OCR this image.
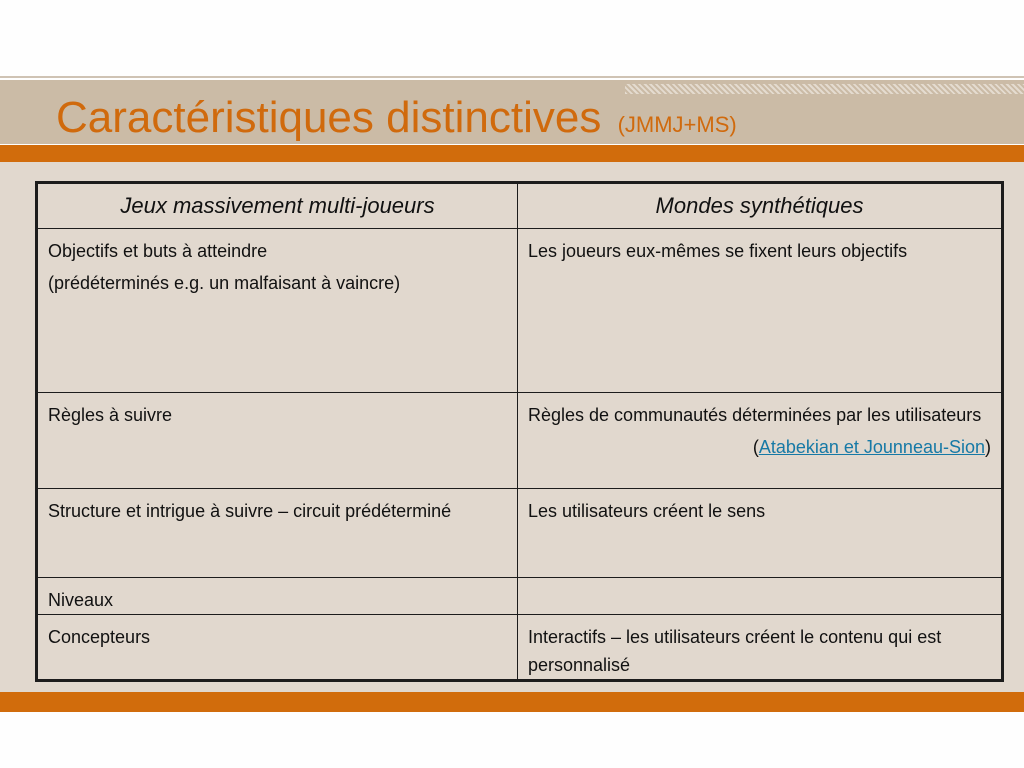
Caractéristiques distinctives (JMMJ+MS)
Jeux massivement multi-joueurs	Mondes synthétiques

Objectifs et buts à atteindre
(prédéterminés e.g. un malfaisant à vaincre)	Les joueurs eux-mêmes se fixent leurs objectifs

Règles à suivre	Règles de communautés déterminées par les utilisateurs
(Atabekian et Jounneau-Sion)

Structure et intrigue à suivre – circuit prédéterminé	Les utilisateurs créent le sens

Niveaux	

Concepteurs	Interactifs – les utilisateurs créent le contenu qui est personnalisé
